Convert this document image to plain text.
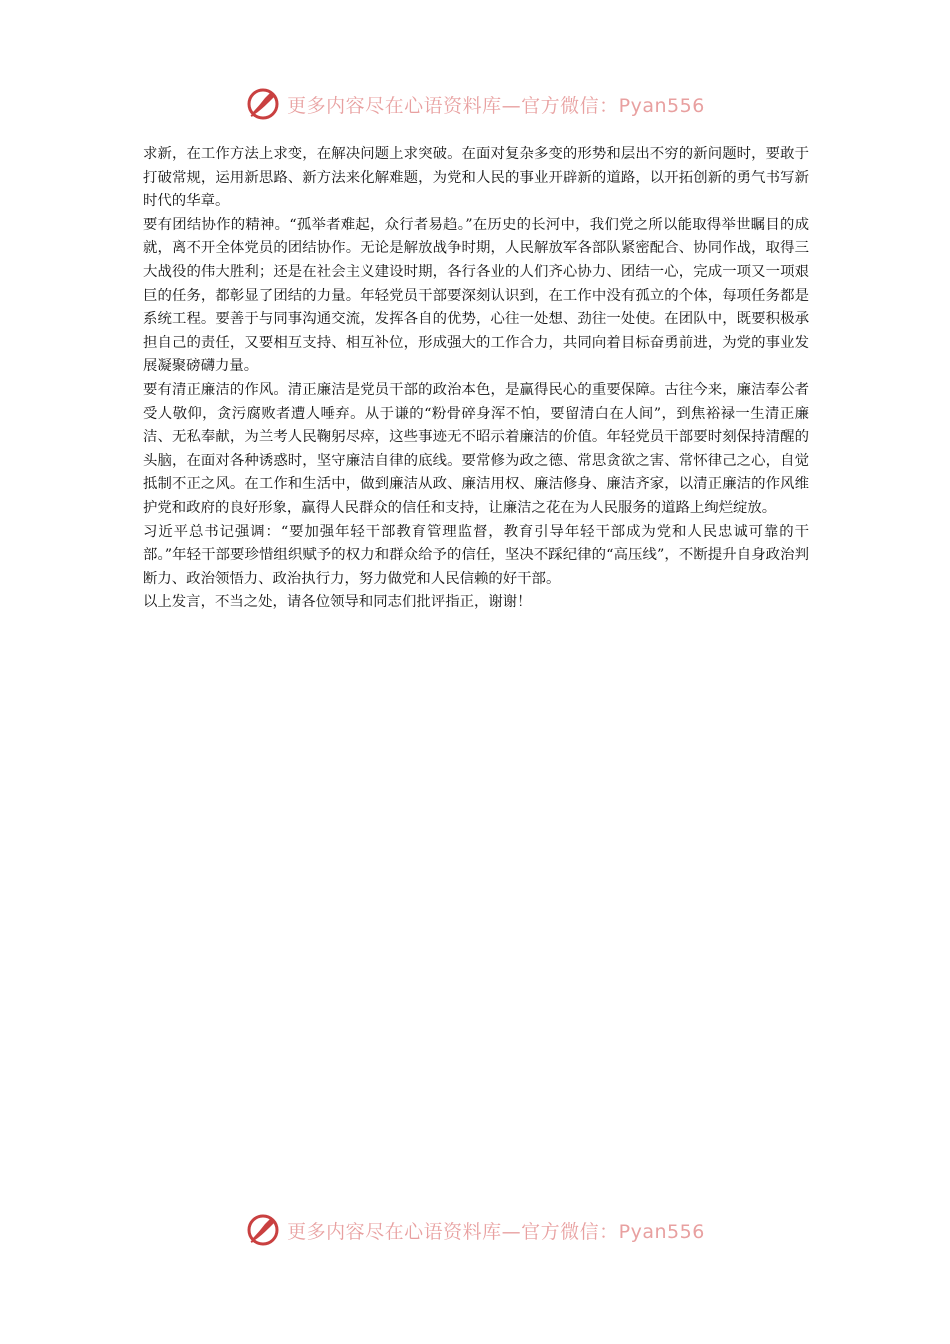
更多内容尽在心语资料库—官方微信：Pyan556

求新，在工作方法上求变，在解决问题上求突破。在面对复杂多变的形势和层出不穷的新问题时，要敢于打破常规，运用新思路、新方法来化解难题，为党和人民的事业开辟新的道路，以开拓创新的勇气书写新时代的华章。

要有团结协作的精神。“孤举者难起，众行者易趋。”在历史的长河中，我们党之所以能取得举世瞩目的成就，离不开全体党员的团结协作。无论是解放战争时期，人民解放军各部队紧密配合、协同作战，取得三大战役的伟大胜利；还是在社会主义建设时期，各行各业的人们齐心协力、团结一心，完成一项又一项艰巨的任务，都彰显了团结的力量。年轻党员干部要深刻认识到，在工作中没有孤立的个体，每项任务都是系统工程。要善于与同事沟通交流，发挥各自的优势，心往一处想、劲往一处使。在团队中，既要积极承担自己的责任，又要相互支持、相互补位，形成强大的工作合力，共同向着目标奋勇前进，为党的事业发展凝聚磅礴力量。

要有清正廉洁的作风。清正廉洁是党员干部的政治本色，是赢得民心的重要保障。古往今来，廉洁奉公者受人敬仰，贪污腐败者遭人唾弃。从于谦的“粉骨碎身浑不怕，要留清白在人间”，到焦裕禄一生清正廉洁、无私奉献，为兰考人民鞠躬尽瘁，这些事迹无不昭示着廉洁的价值。年轻党员干部要时刻保持清醒的头脑，在面对各种诱惑时，坚守廉洁自律的底线。要常修为政之德、常思贪欲之害、常怀律己之心，自觉抵制不正之风。在工作和生活中，做到廉洁从政、廉洁用权、廉洁修身、廉洁齐家，以清正廉洁的作风维护党和政府的良好形象，赢得人民群众的信任和支持，让廉洁之花在为人民服务的道路上绚烂绽放。

习近平总书记强调：“要加强年轻干部教育管理监督，教育引导年轻干部成为党和人民忠诚可靠的干部。”年轻干部要珍惜组织赋予的权力和群众给予的信任，坚决不踩纪律的“高压线”，不断提升自身政治判断力、政治领悟力、政治执行力，努力做党和人民信赖的好干部。

以上发言，不当之处，请各位领导和同志们批评指正，谢谢！

更多内容尽在心语资料库—官方微信：Pyan556
